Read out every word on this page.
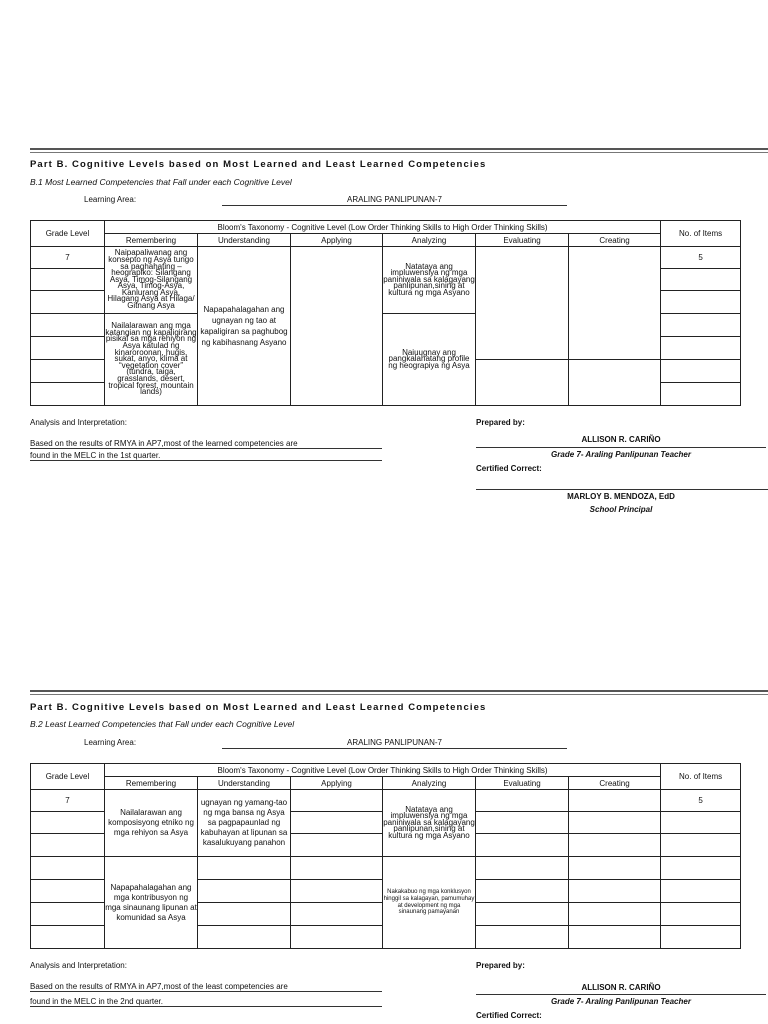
Part B. Cognitive Levels based on Most Learned and Least Learned Competencies
B.1 Most Learned Competencies that Fall under each Cognitive Level
Learning Area:	ARALING PANLIPUNAN-7
Grade Level	Bloom's Taxonomy - Cognitive Level (Low Order Thinking Skills to High Order Thinking Skills)						No. of Items
	Remembering	Understanding	Applying	Analyzing	Evaluating	Creating	
7	Naipapaliwanag ang konsepto ng Asya tungo sa paghahating –heograpiko: Silangang Asya, Timog-Silangang Asya, Timog-Asya, Kanlurang Asya, Hilagang Asya at Hilaga/ Gitnang Asya	Napapahalagahan ang ugnayan ng tao at kapaligiran sa paghubog ng kabihasnang Asyano		Natataya ang impluwensiya ng mga paniniwala sa kalagayang panlipunan,sining at kultura ng mga Asyano			5

	Nailalarawan ang mga katangian ng kapaligirang pisikal sa mga rehiyon ng Asya katulad ng kinaroroonan, hugis, sukat, anyo, klima at “vegetation cover” (tundra, taiga, grasslands, desert, tropical forest, mountain lands)			Naiuugnay ang pangkalahatang profile ng heograpiya ng Asya			

Analysis and Interpretation:
Based on the results of RMYA in AP7,most of the learned competencies are
found in the MELC in the 1st quarter.
Prepared by:
ALLISON R. CARIÑO
Grade 7- Araling Panlipunan Teacher
Certified Correct:
MARLOY B. MENDOZA, EdD
School Principal
Part B. Cognitive Levels based on Most Learned and Least Learned Competencies
B.2 Least Learned Competencies that Fall under each Cognitive Level
Learning Area:	ARALING PANLIPUNAN-7
Grade Level	Bloom's Taxonomy - Cognitive Level (Low Order Thinking Skills to High Order Thinking Skills)						No. of Items
	Remembering	Understanding	Applying	Analyzing	Evaluating	Creating	
7	Nailalarawan ang komposisyong etniko ng mga rehiyon sa Asya	ugnayan ng yamang-tao ng mga bansa ng Asya sa pagpapaunlad ng kabuhayan at lipunan sa kasalukuyang panahon		Natataya ang impluwensiya ng mga paniniwala sa kalagayang panlipunan,sining at kultura ng mga Asyano			5

	Napapahalagahan ang mga kontribusyon ng mga sinaunang lipunan at komunidad sa Asya			Nakakabuo ng mga konklusyon hinggil sa kalagayan, pamumuhay at development ng mga sinaunang pamayanan			

Analysis and Interpretation:
Based on the results of RMYA in AP7,most of the least competencies are
found in the MELC in the 2nd quarter.
Prepared by:
ALLISON R. CARIÑO
Grade 7- Araling Panlipunan Teacher
Certified Correct:
